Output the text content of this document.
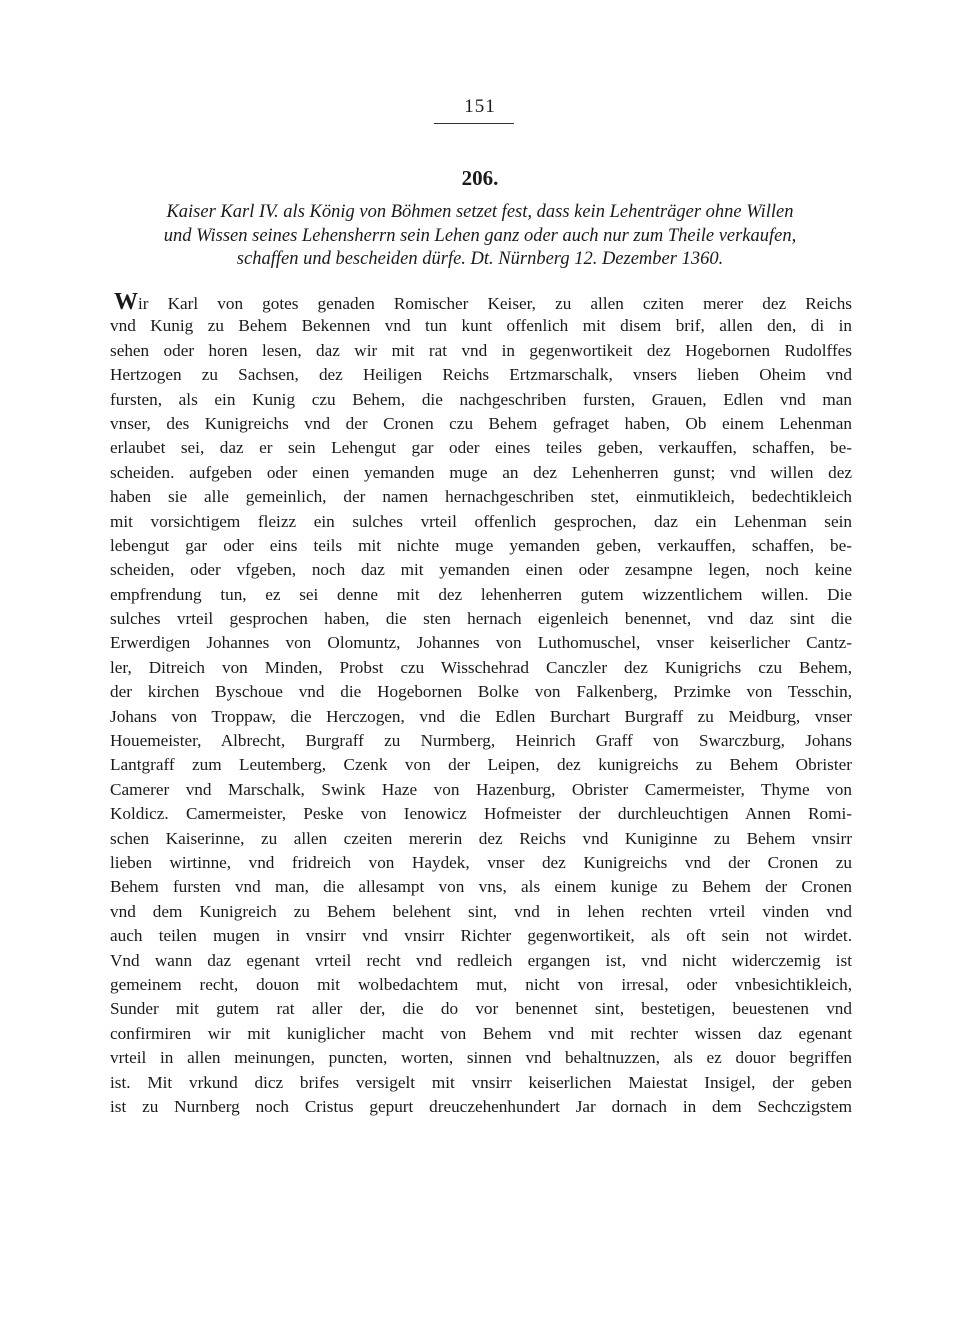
151
206.
Kaiser Karl IV. als König von Böhmen setzet fest, dass kein Lehenträger ohne Willen
und Wissen seines Lehensherrn sein Lehen ganz oder auch nur zum Theile verkaufen,
schaffen und bescheiden dürfe. Dt. Nürnberg 12. Dezember 1360.
Wir Karl von gotes genaden Romischer Keiser, zu allen cziten merer dez Reichs
vnd Kunig zu Behem Bekennen vnd tun kunt offenlich mit disem brif, allen den, di in
sehen oder horen lesen, daz wir mit rat vnd in gegenwortikeit dez Hogebornen Rudolffes
Hertzogen zu Sachsen, dez Heiligen Reichs Ertzmarschalk, vnsers lieben Oheim vnd
fursten, als ein Kunig czu Behem, die nachgeschriben fursten, Grauen, Edlen vnd man
vnser, des Kunigreichs vnd der Cronen czu Behem gefraget haben, Ob einem Lehenman
erlaubet sei, daz er sein Lehengut gar oder eines teiles geben, verkauffen, schaffen, be-
scheiden. aufgeben oder einen yemanden muge an dez Lehenherren gunst; vnd willen dez
haben sie alle gemeinlich, der namen hernachgeschriben stet, einmutikleich, bedechtikleich
mit vorsichtigem fleizz ein sulches vrteil offenlich gesprochen, daz ein Lehenman sein
lebengut gar oder eins teils mit nichte muge yemanden geben, verkauffen, schaffen, be-
scheiden, oder vfgeben, noch daz mit yemanden einen oder zesampne legen, noch keine
empfrendung tun, ez sei denne mit dez lehenherren gutem wizzentlichem willen. Die
sulches vrteil gesprochen haben, die sten hernach eigenleich benennet, vnd daz sint die
Erwerdigen Johannes von Olomuntz, Johannes von Luthomuschel, vnser keiserlicher Cantz-
ler, Ditreich von Minden, Probst czu Wisschehrad Canczler dez Kunigrichs czu Behem,
der kirchen Byschoue vnd die Hogebornen Bolke von Falkenberg, Przimke von Tesschin,
Johans von Troppaw, die Herczogen, vnd die Edlen Burchart Burgraff zu Meidburg, vnser
Houemeister, Albrecht, Burgraff zu Nurmberg, Heinrich Graff von Swarczburg, Johans
Lantgraff zum Leutemberg, Czenk von der Leipen, dez kunigreichs zu Behem Obrister
Camerer vnd Marschalk, Swink Haze von Hazenburg, Obrister Camermeister, Thyme von
Koldicz. Camermeister, Peske von Ienowicz Hofmeister der durchleuchtigen Annen Romi-
schen Kaiserinne, zu allen czeiten mererin dez Reichs vnd Kuniginne zu Behem vnsirr
lieben wirtinne, vnd fridreich von Haydek, vnser dez Kunigreichs vnd der Cronen zu
Behem fursten vnd man, die allesampt von vns, als einem kunige zu Behem der Cronen
vnd dem Kunigreich zu Behem belehent sint, vnd in lehen rechten vrteil vinden vnd
auch teilen mugen in vnsirr vnd vnsirr Richter gegenwortikeit, als oft sein not wirdet.
Vnd wann daz egenant vrteil recht vnd redleich ergangen ist, vnd nicht widerczemig ist
gemeinem recht, douon mit wolbedachtem mut, nicht von irresal, oder vnbesichtikleich,
Sunder mit gutem rat aller der, die do vor benennet sint, bestetigen, beuestenen vnd
confirmiren wir mit kuniglicher macht von Behem vnd mit rechter wissen daz egenant
vrteil in allen meinungen, puncten, worten, sinnen vnd behaltnuzzen, als ez douor begriffen
ist. Mit vrkund dicz brifes versigelt mit vnsirr keiserlichen Maiestat Insigel, der geben
ist zu Nurnberg noch Cristus gepurt dreuczehenhundert Jar dornach in dem Sechczigstem
